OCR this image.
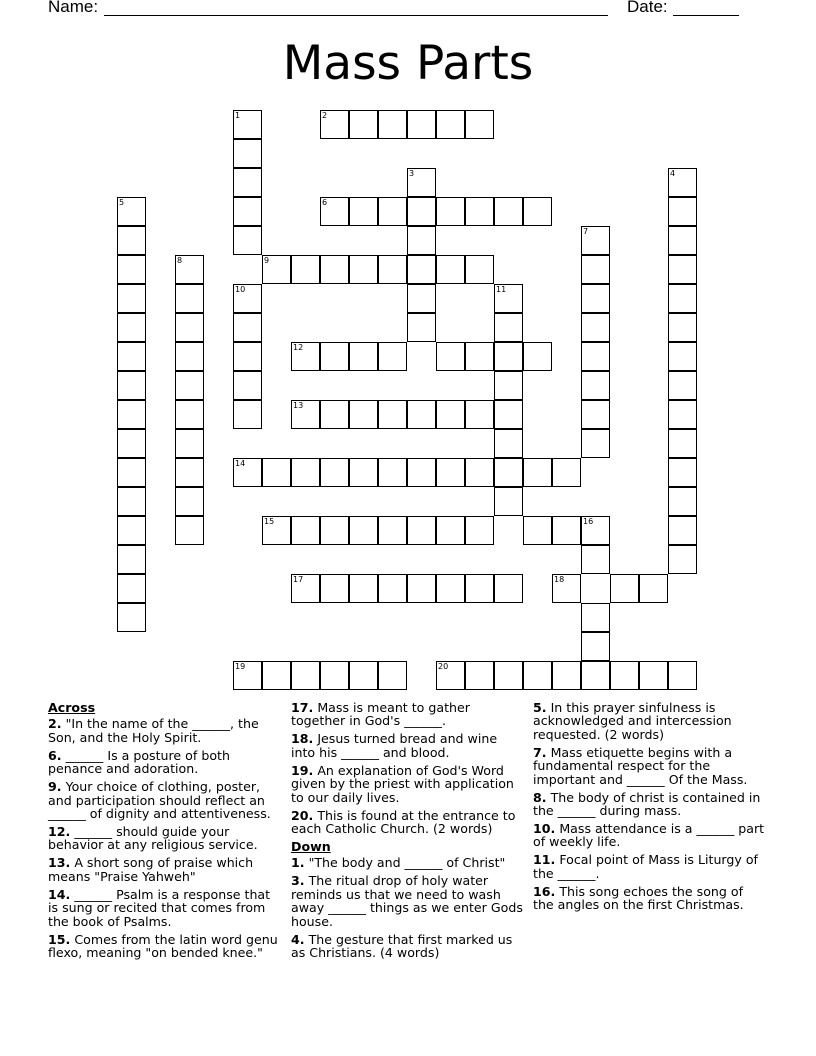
Name:	Date:
Mass Parts
1	2
3	4
5	6
7
8	9
10	11
12
13
14
15	16
17	18
19	20
Across
2. "In the name of the ______, the Son, and the Holy Spirit.
6. ______ Is a posture of both penance and adoration.
9. Your choice of clothing, poster, and participation should reflect an ______ of dignity and attentiveness.
12. ______ should guide your behavior at any religious service.
13. A short song of praise which means "Praise Yahweh"
14. ______ Psalm is a response that is sung or recited that comes from the book of Psalms.
15. Comes from the latin word genu flexo, meaning "on bended knee."
17. Mass is meant to gather together in God's ______.
18. Jesus turned bread and wine into his ______ and blood.
19. An explanation of God's Word given by the priest with application to our daily lives.
20. This is found at the entrance to each Catholic Church. (2 words)
Down
1. "The body and ______ of Christ"
3. The ritual drop of holy water reminds us that we need to wash away ______ things as we enter Gods house.
4. The gesture that first marked us as Christians. (4 words)
5. In this prayer sinfulness is acknowledged and intercession requested. (2 words)
7. Mass etiquette begins with a fundamental respect for the important and ______ Of the Mass.
8. The body of christ is contained in the ______ during mass.
10. Mass attendance is a ______ part of weekly life.
11. Focal point of Mass is Liturgy of the ______.
16. This song echoes the song of the angles on the first Christmas.
